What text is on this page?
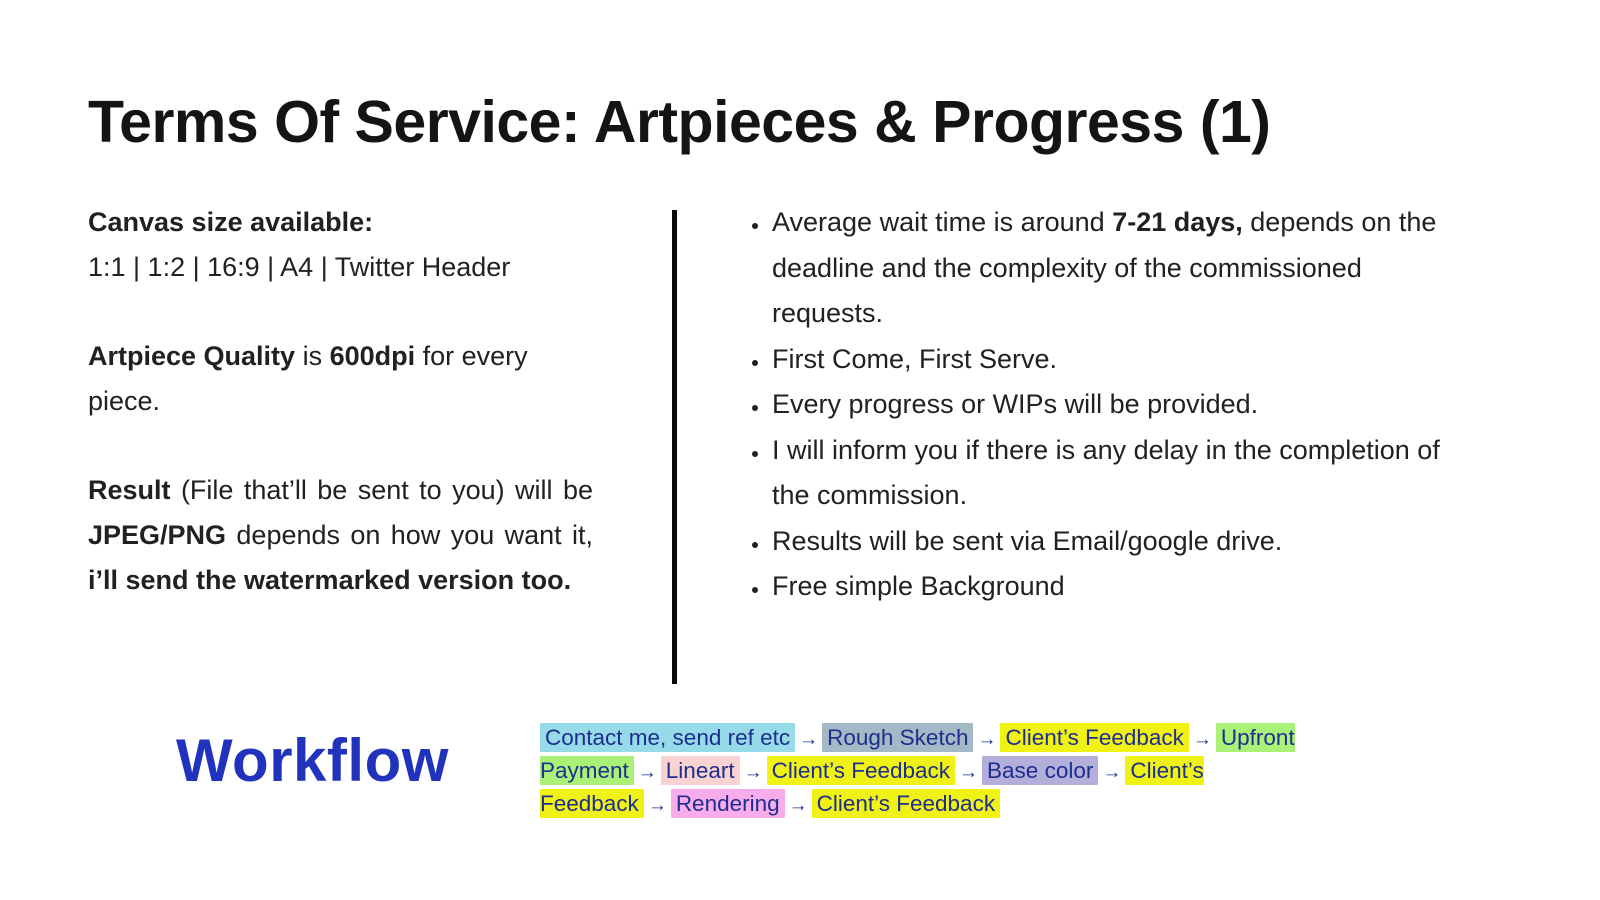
Terms Of Service: Artpieces & Progress (1)

Canvas size available:

1:1 | 1:2 | 16:9 | A4 | Twitter Header

Artpiece Quality is 600dpi for every piece.

Result (File that’ll be sent to you) will be JPEG/PNG depends on how you want it, i’ll send the watermarked version too.

• Average wait time is around 7-21 days, depends on the deadline and the complexity of the commissioned requests.
• First Come, First Serve.
• Every progress or WIPs will be provided.
• I will inform you if there is any delay in the completion of the commission.
• Results will be sent via Email/google drive.
• Free simple Background
Workflow	Contact me, send ref etc → Rough Sketch → Client’s Feedback → Upfront Payment → Lineart → Client’s Feedback → Base color → Client’s Feedback → Rendering → Client’s Feedback
